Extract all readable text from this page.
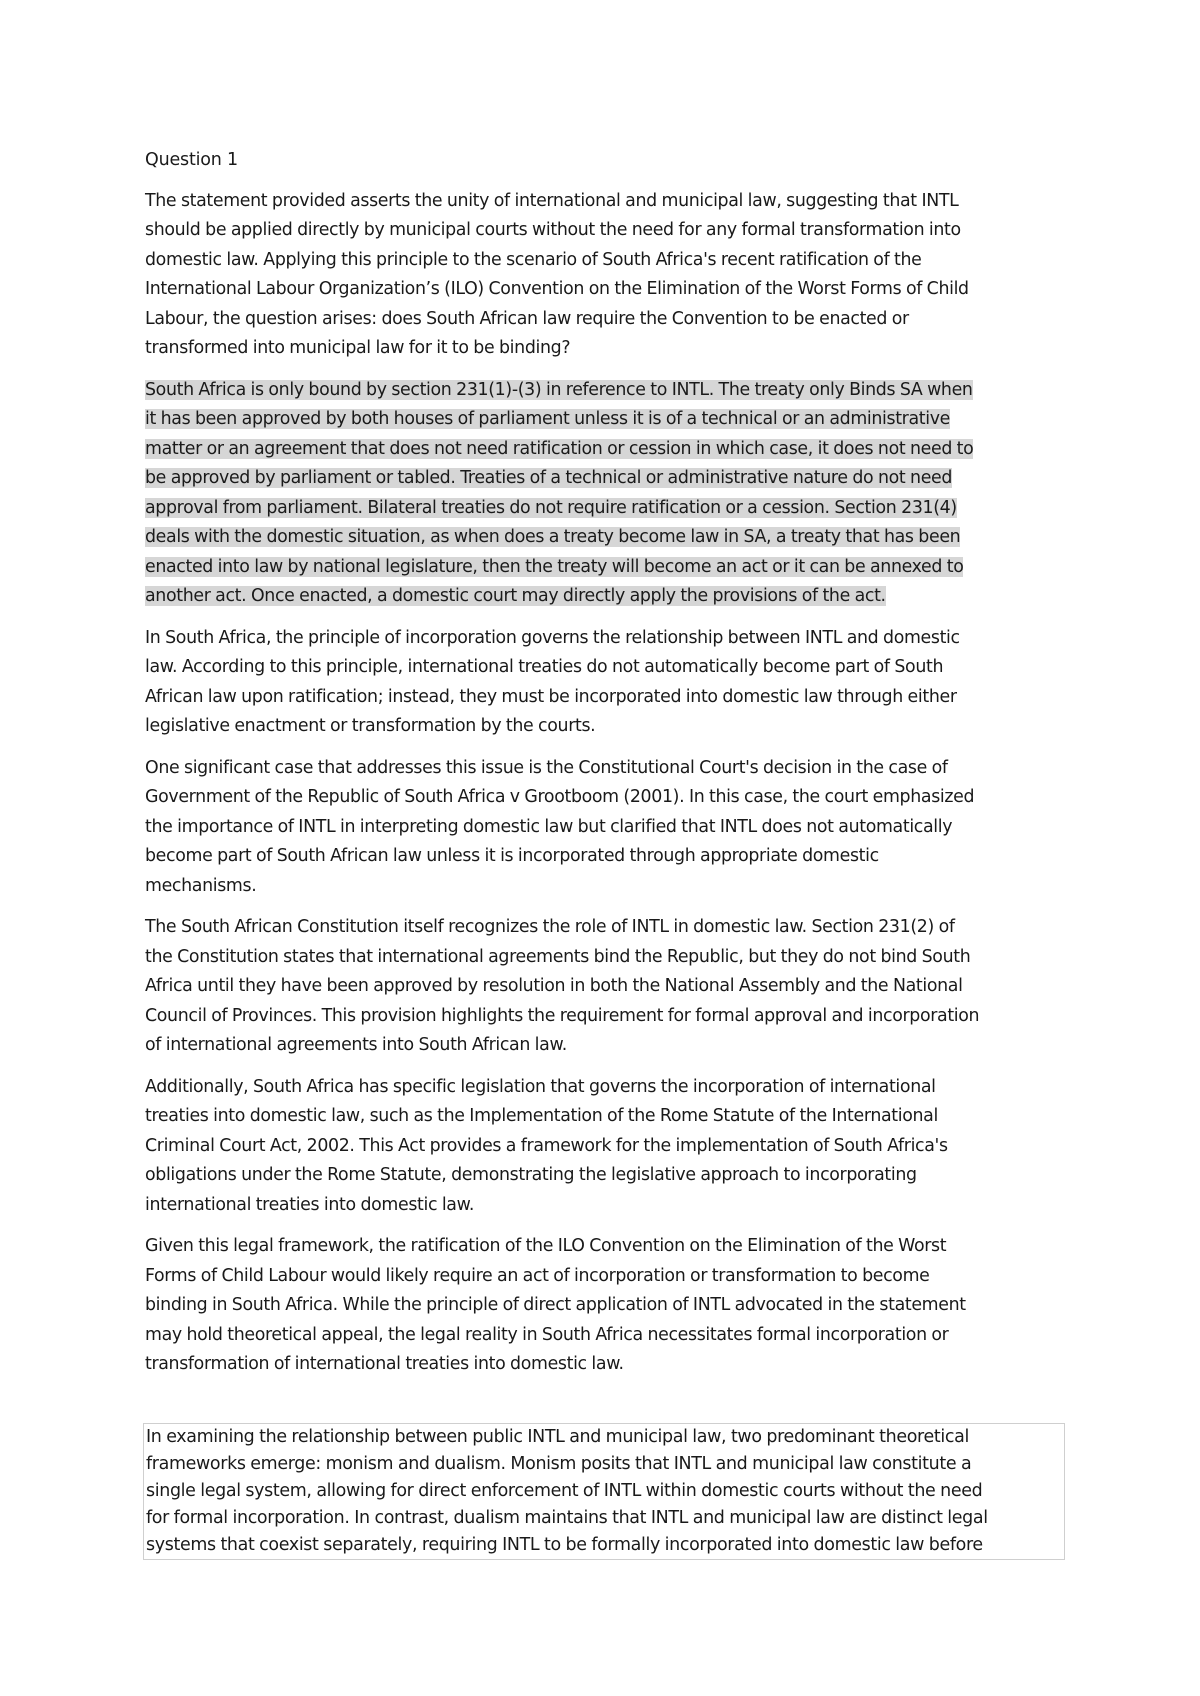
Question 1
The statement provided asserts the unity of international and municipal law, suggesting that INTL
should be applied directly by municipal courts without the need for any formal transformation into
domestic law. Applying this principle to the scenario of South Africa's recent ratification of the
International Labour Organization’s (ILO) Convention on the Elimination of the Worst Forms of Child
Labour, the question arises: does South African law require the Convention to be enacted or
transformed into municipal law for it to be binding?
South Africa is only bound by section 231(1)-(3) in reference to INTL. The treaty only Binds SA when
it has been approved by both houses of parliament unless it is of a technical or an administrative
matter or an agreement that does not need ratification or cession in which case, it does not need to
be approved by parliament or tabled. Treaties of a technical or administrative nature do not need
approval from parliament. Bilateral treaties do not require ratification or a cession. Section 231(4)
deals with the domestic situation, as when does a treaty become law in SA, a treaty that has been
enacted into law by national legislature, then the treaty will become an act or it can be annexed to
another act. Once enacted, a domestic court may directly apply the provisions of the act.
In South Africa, the principle of incorporation governs the relationship between INTL and domestic
law. According to this principle, international treaties do not automatically become part of South
African law upon ratification; instead, they must be incorporated into domestic law through either
legislative enactment or transformation by the courts.
One significant case that addresses this issue is the Constitutional Court's decision in the case of
Government of the Republic of South Africa v Grootboom (2001). In this case, the court emphasized
the importance of INTL in interpreting domestic law but clarified that INTL does not automatically
become part of South African law unless it is incorporated through appropriate domestic
mechanisms.
The South African Constitution itself recognizes the role of INTL in domestic law. Section 231(2) of
the Constitution states that international agreements bind the Republic, but they do not bind South
Africa until they have been approved by resolution in both the National Assembly and the National
Council of Provinces. This provision highlights the requirement for formal approval and incorporation
of international agreements into South African law.
Additionally, South Africa has specific legislation that governs the incorporation of international
treaties into domestic law, such as the Implementation of the Rome Statute of the International
Criminal Court Act, 2002. This Act provides a framework for the implementation of South Africa's
obligations under the Rome Statute, demonstrating the legislative approach to incorporating
international treaties into domestic law.
Given this legal framework, the ratification of the ILO Convention on the Elimination of the Worst
Forms of Child Labour would likely require an act of incorporation or transformation to become
binding in South Africa. While the principle of direct application of INTL advocated in the statement
may hold theoretical appeal, the legal reality in South Africa necessitates formal incorporation or
transformation of international treaties into domestic law.
In examining the relationship between public INTL and municipal law, two predominant theoretical
frameworks emerge: monism and dualism. Monism posits that INTL and municipal law constitute a
single legal system, allowing for direct enforcement of INTL within domestic courts without the need
for formal incorporation. In contrast, dualism maintains that INTL and municipal law are distinct legal
systems that coexist separately, requiring INTL to be formally incorporated into domestic law before
